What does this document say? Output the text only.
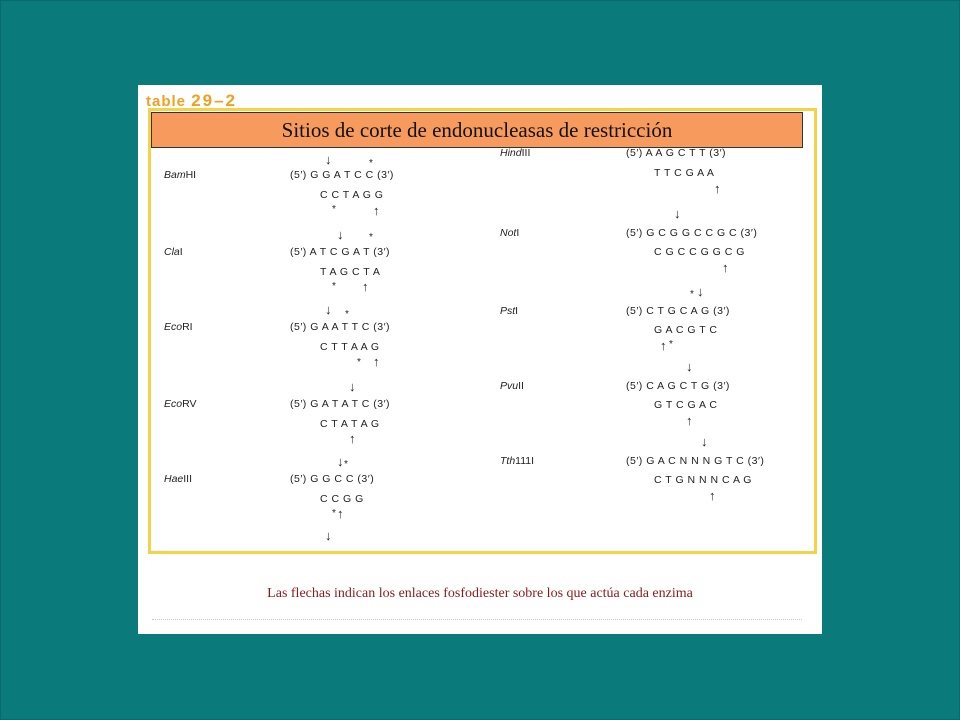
table 29–2
Sitios de corte de endonucleasas de restricción
↓	*
BamHI	(5′) G G A T C C (3′)
C C T A G G
*	↑
↓	*
ClaI	(5′) A T C G A T (3′)
T A G C T A
* ↑
↓ *
EcoRI	(5′) G A A T T C (3′)
C T T A A G
* ↑
↓
EcoRV	(5′) G A T A T C (3′)
C T A T A G
↑
↓ *
HaeIII	(5′) G G C C (3′)
C C G G
* ↑
↓
HindIII	(5′) A A G C T T (3′)
T T C G A A
↑
↓
NotI	(5′) G C G G C C G C (3′)
C G C C G G C G
↑
* ↓
PstI	(5′) C T G C A G (3′)
G A C G T C
↑ *
↓
PvuII	(5′) C A G C T G (3′)
G T C G A C
↑
↓
Tth111I	(5′) G A C N N N G T C (3′)
C T G N N N C A G
↑
Las flechas indican los enlaces fosfodiester sobre los que actúa cada enzima
